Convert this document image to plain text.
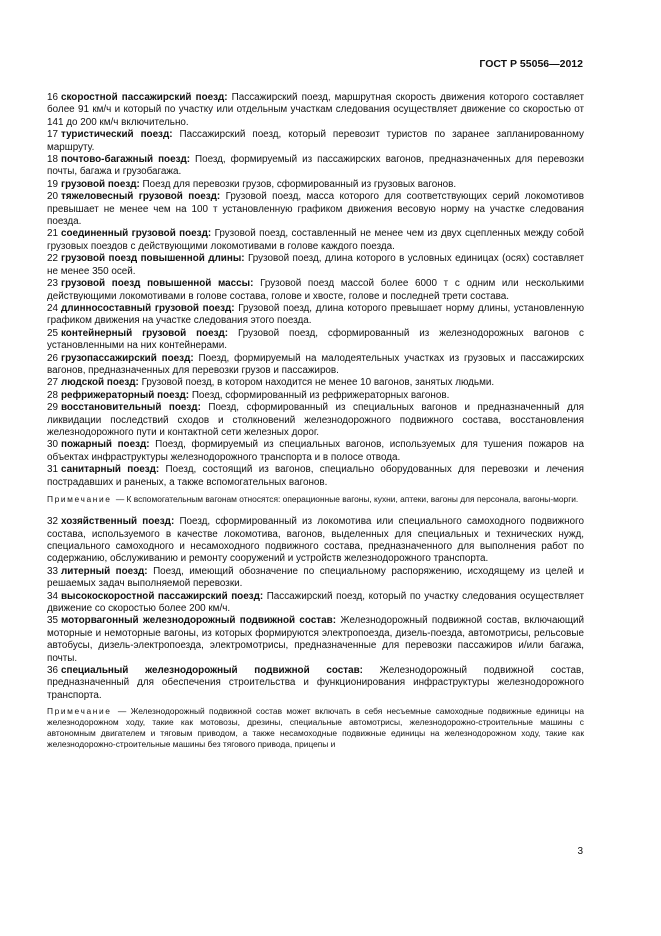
ГОСТ Р 55056—2012

16 скоростной пассажирский поезд: Пассажирский поезд, маршрутная скорость движения которого составляет более 91 км/ч и который по участку или отдельным участкам следования осуществляет движение со скоростью от 141 до 200 км/ч включительно.

17 туристический поезд: Пассажирский поезд, который перевозит туристов по заранее запланированному маршруту.

18 почтово-багажный поезд: Поезд, формируемый из пассажирских вагонов, предназначенных для перевозки почты, багажа и грузобагажа.

19 грузовой поезд: Поезд для перевозки грузов, сформированный из грузовых вагонов.

20 тяжеловесный грузовой поезд: Грузовой поезд, масса которого для соответствующих серий локомотивов превышает не менее чем на 100 т установленную графиком движения весовую норму на участке следования поезда.

21 соединенный грузовой поезд: Грузовой поезд, составленный не менее чем из двух сцепленных между собой грузовых поездов с действующими локомотивами в голове каждого поезда.

22 грузовой поезд повышенной длины: Грузовой поезд, длина которого в условных единицах (осях) составляет не менее 350 осей.

23 грузовой поезд повышенной массы: Грузовой поезд массой более 6000 т с одним или несколькими действующими локомотивами в голове состава, голове и хвосте, голове и последней трети состава.

24 длинносоставный грузовой поезд: Грузовой поезд, длина которого превышает норму длины, установленную графиком движения на участке следования этого поезда.

25 контейнерный грузовой поезд: Грузовой поезд, сформированный из железнодорожных вагонов с установленными на них контейнерами.

26 грузопассажирский поезд: Поезд, формируемый на малодеятельных участках из грузовых и пассажирских вагонов, предназначенных для перевозки грузов и пассажиров.

27 людской поезд: Грузовой поезд, в котором находится не менее 10 вагонов, занятых людьми.

28 рефрижераторный поезд: Поезд, сформированный из рефрижераторных вагонов.

29 восстановительный поезд: Поезд, сформированный из специальных вагонов и предназначенный для ликвидации последствий сходов и столкновений железнодорожного подвижного состава, восстановления железнодорожного пути и контактной сети железных дорог.

30 пожарный поезд: Поезд, формируемый из специальных вагонов, используемых для тушения пожаров на объектах инфраструктуры железнодорожного транспорта и в полосе отвода.

31 санитарный поезд: Поезд, состоящий из вагонов, специально оборудованных для перевозки и лечения пострадавших и раненых, а также вспомогательных вагонов.

Примечание — К вспомогательным вагонам относятся: операционные вагоны, кухни, аптеки, вагоны для персонала, вагоны-морги.

32 хозяйственный поезд: Поезд, сформированный из локомотива или специального самоходного подвижного состава, используемого в качестве локомотива, вагонов, выделенных для специальных и технических нужд, специального самоходного и несамоходного подвижного состава, предназначенного для выполнения работ по содержанию, обслуживанию и ремонту сооружений и устройств железнодорожного транспорта.

33 литерный поезд: Поезд, имеющий обозначение по специальному распоряжению, исходящему из целей и решаемых задач выполняемой перевозки.

34 высокоскоростной пассажирский поезд: Пассажирский поезд, который по участку следования осуществляет движение со скоростью более 200 км/ч.

35 моторвагонный железнодорожный подвижной состав: Железнодорожный подвижной состав, включающий моторные и немоторные вагоны, из которых формируются электропоезда, дизель-поезда, автомотрисы, рельсовые автобусы, дизель-электропоезда, электромотрисы, предназначенные для перевозки пассажиров и/или багажа, почты.

36 специальный железнодорожный подвижной состав: Железнодорожный подвижной состав, предназначенный для обеспечения строительства и функционирования инфраструктуры железнодорожного транспорта.

Примечание — Железнодорожный подвижной состав может включать в себя несъемные самоходные подвижные единицы на железнодорожном ходу, такие как мотовозы, дрезины, специальные автомотрисы, железнодорожно-строительные машины с автономным двигателем и тяговым приводом, а также несамоходные подвижные единицы на железнодорожном ходу, такие как железнодорожно-строительные машины без тягового привода, прицепы и

3
